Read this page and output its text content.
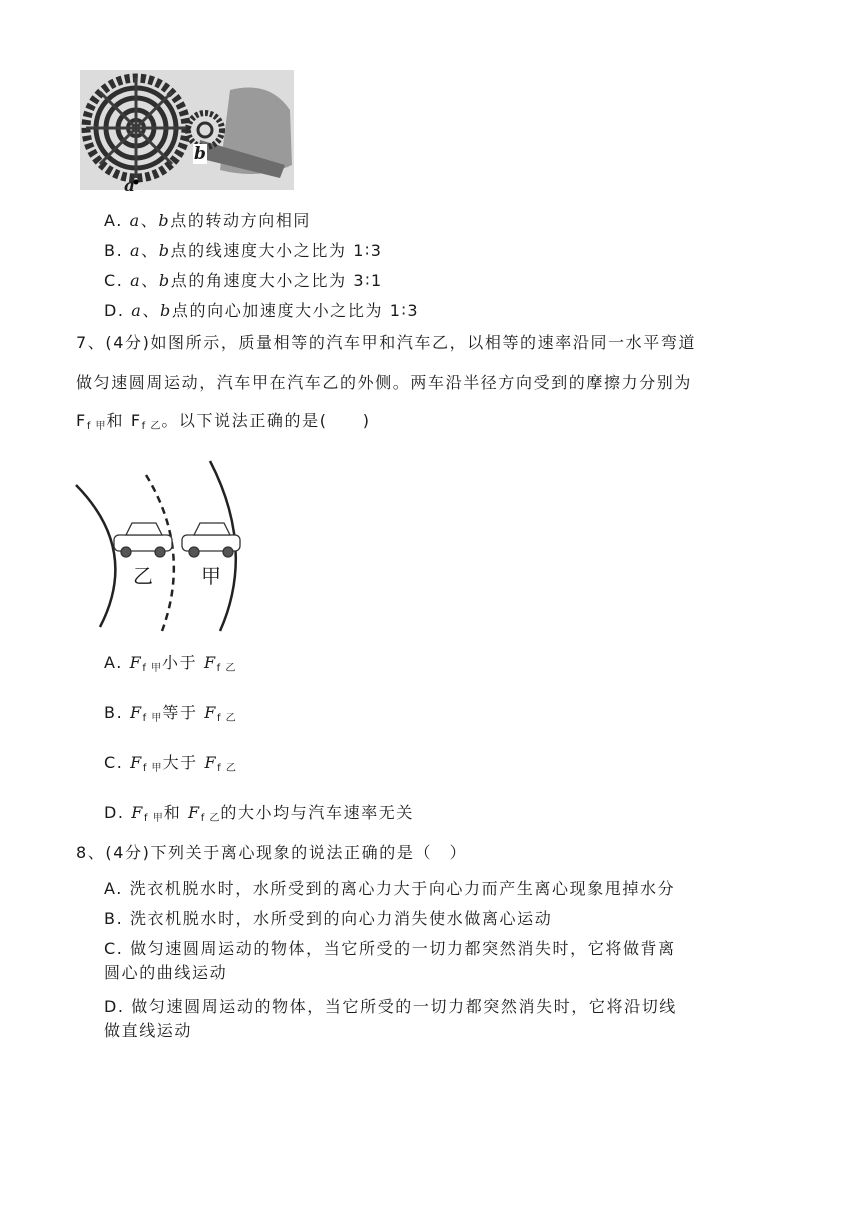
a
b
A. a、b点的转动方向相同
B. a、b点的线速度大小之比为 1∶3
C. a、b点的角速度大小之比为 3∶1
D. a、b点的向心加速度大小之比为 1∶3
7、(4分)如图所示，质量相等的汽车甲和汽车乙，以相等的速率沿同一水平弯道
做匀速圆周运动，汽车甲在汽车乙的外侧。两车沿半径方向受到的摩擦力分别为
Ff 甲和 Ff 乙。以下说法正确的是(　　)
乙 甲
A. Ff 甲小于 Ff 乙
B. Ff 甲等于 Ff 乙
C. Ff 甲大于 Ff 乙
D. Ff 甲和 Ff 乙的大小均与汽车速率无关
8、(4分)下列关于离心现象的说法正确的是（　）
A. 洗衣机脱水时，水所受到的离心力大于向心力而产生离心现象甩掉水分
B. 洗衣机脱水时，水所受到的向心力消失使水做离心运动
C. 做匀速圆周运动的物体，当它所受的一切力都突然消失时，它将做背离
圆心的曲线运动
D. 做匀速圆周运动的物体，当它所受的一切力都突然消失时，它将沿切线
做直线运动
